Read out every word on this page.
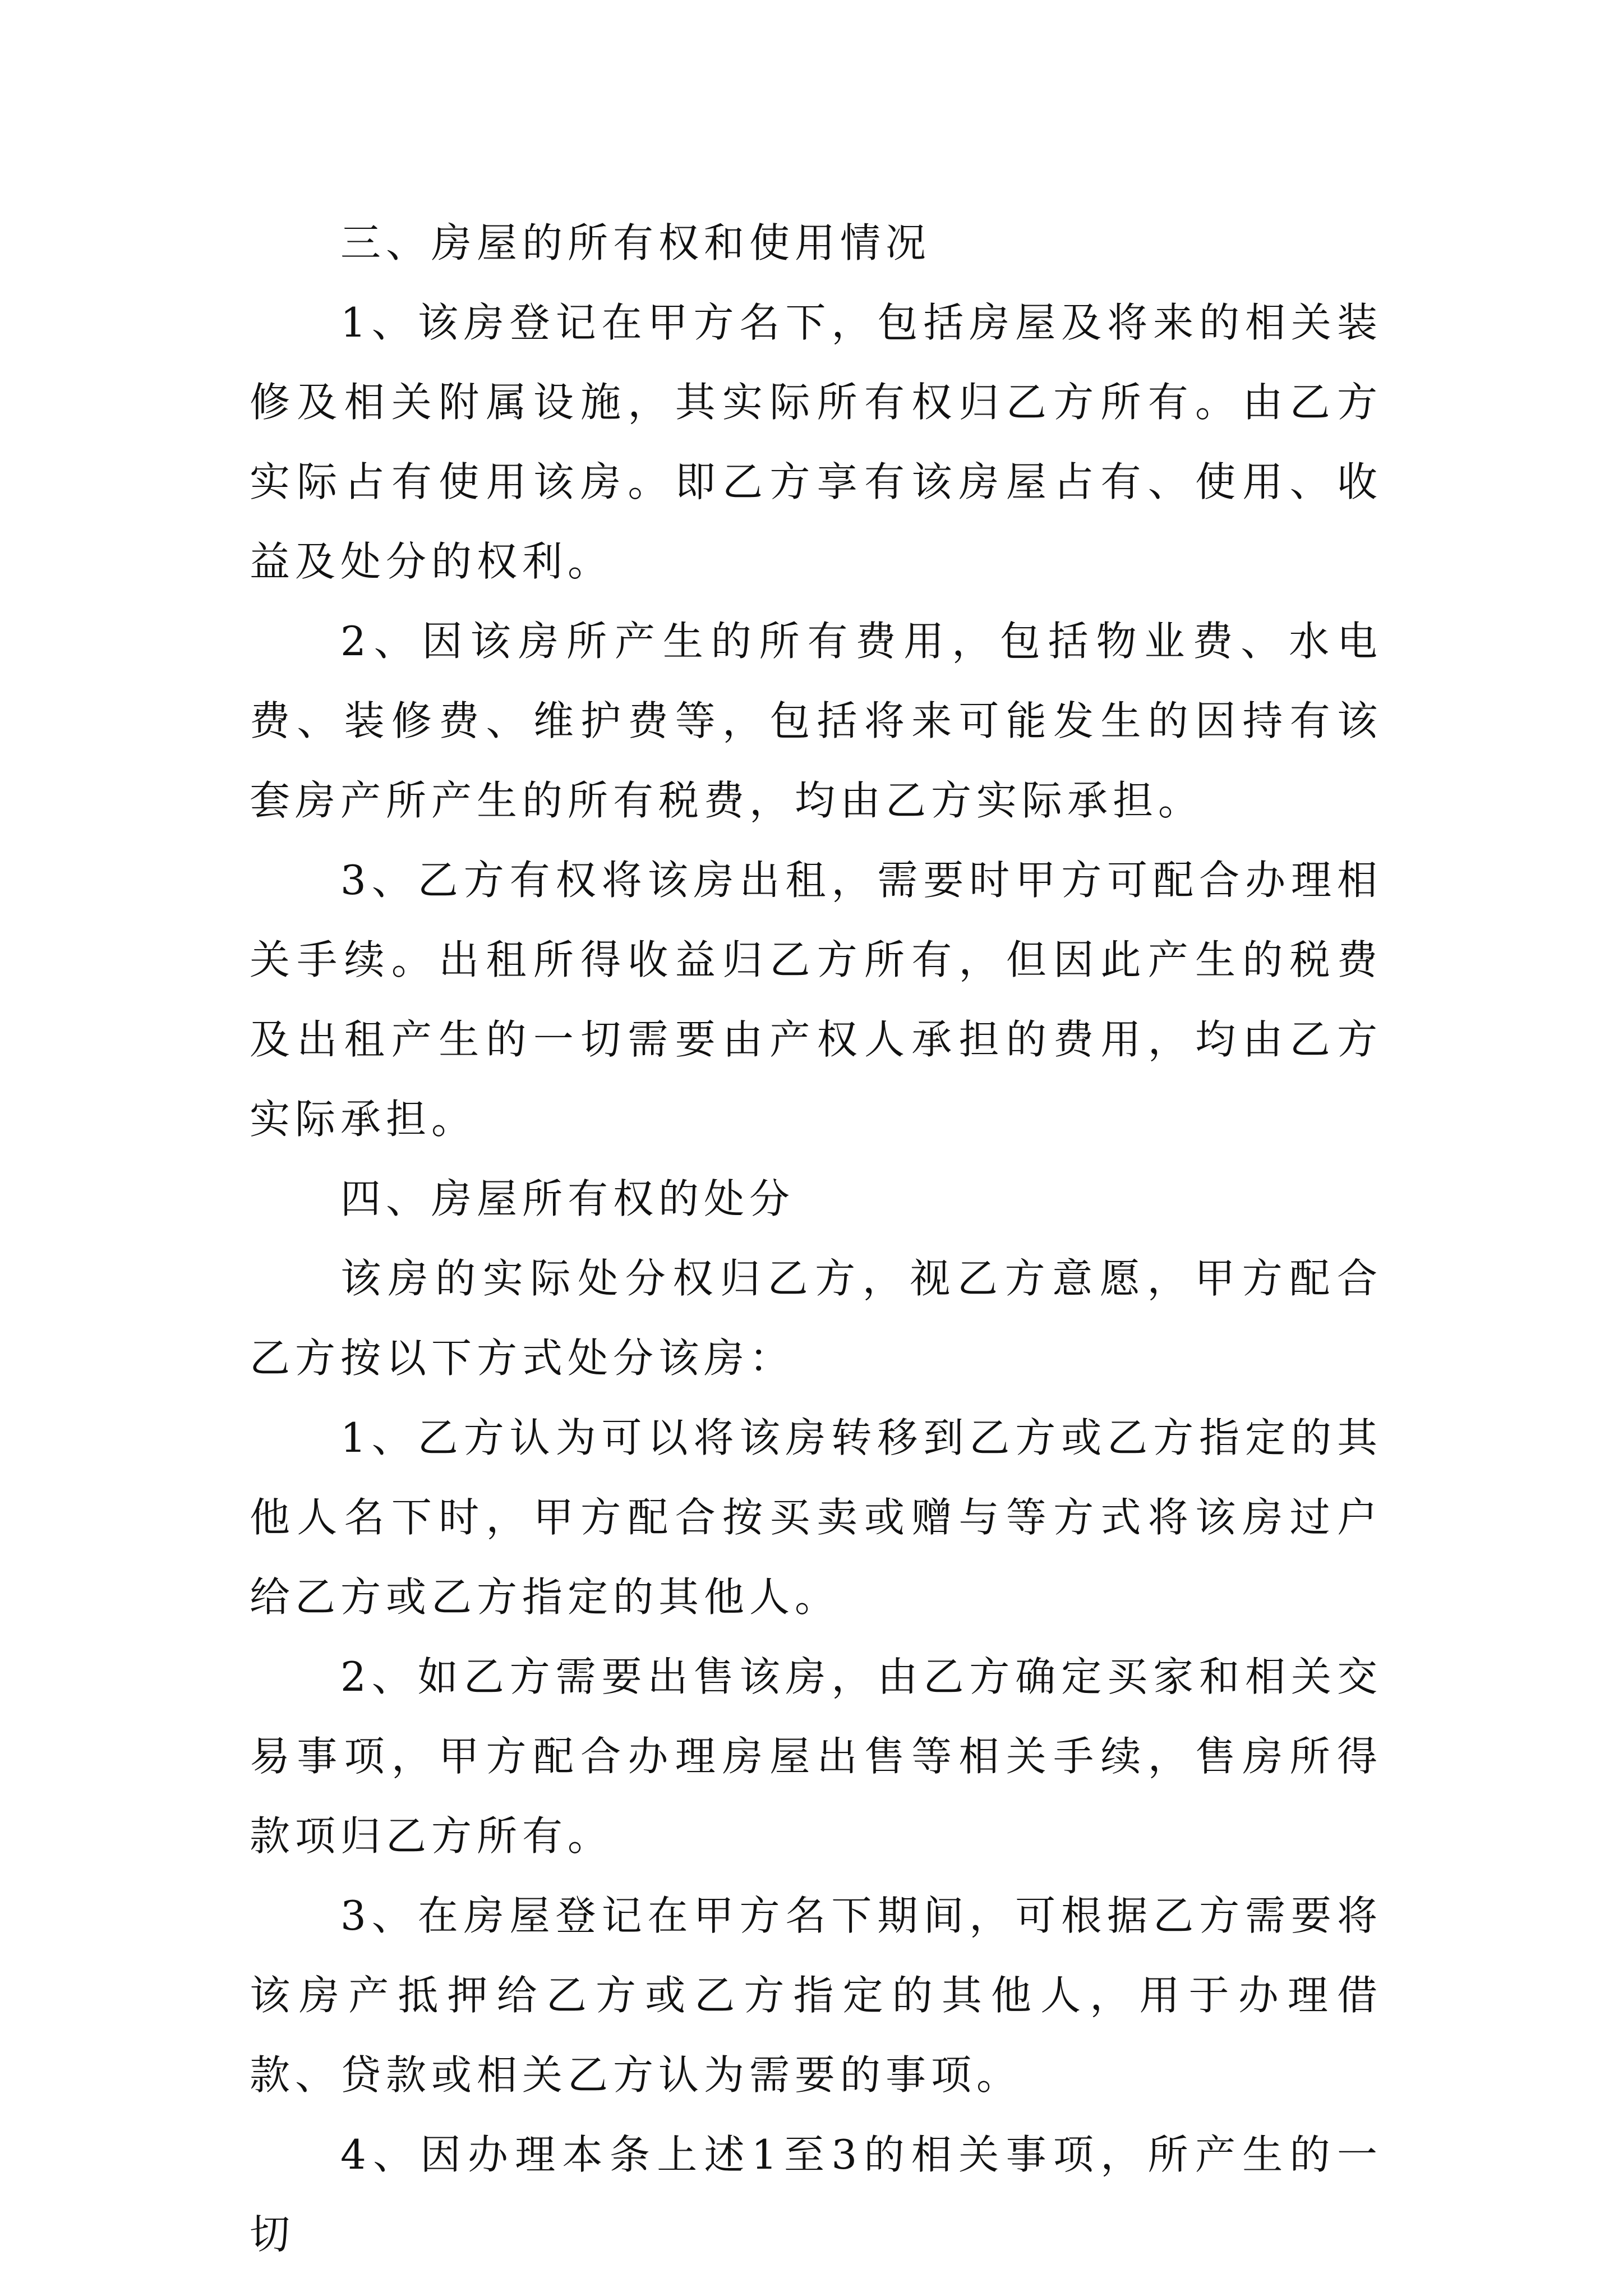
三、房屋的所有权和使用情况

1、该房登记在甲方名下，包括房屋及将来的相关装修及相关附属设施，其实际所有权归乙方所有。由乙方实际占有使用该房。即乙方享有该房屋占有、使用、收益及处分的权利。

2、因该房所产生的所有费用，包括物业费、水电费、装修费、维护费等，包括将来可能发生的因持有该套房产所产生的所有税费，均由乙方实际承担。

3、乙方有权将该房出租，需要时甲方可配合办理相关手续。出租所得收益归乙方所有，但因此产生的税费及出租产生的一切需要由产权人承担的费用，均由乙方实际承担。

四、房屋所有权的处分

该房的实际处分权归乙方，视乙方意愿，甲方配合乙方按以下方式处分该房：

1、乙方认为可以将该房转移到乙方或乙方指定的其他人名下时，甲方配合按买卖或赠与等方式将该房过户给乙方或乙方指定的其他人。

2、如乙方需要出售该房，由乙方确定买家和相关交易事项，甲方配合办理房屋出售等相关手续，售房所得款项归乙方所有。

3、在房屋登记在甲方名下期间，可根据乙方需要将该房产抵押给乙方或乙方指定的其他人，用于办理借款、贷款或相关乙方认为需要的事项。

4、因办理本条上述1至3的相关事项，所产生的一切
